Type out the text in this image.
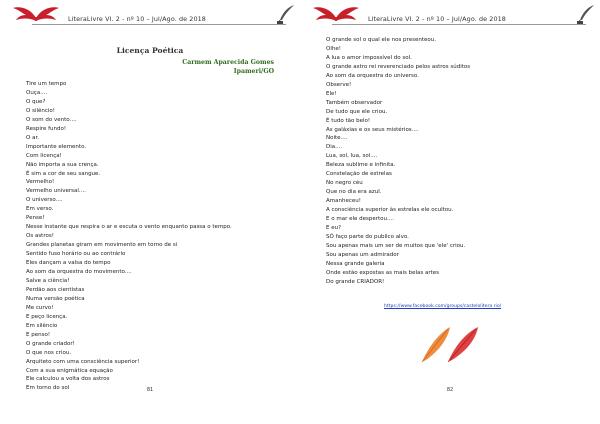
LiteraLivre VI. 2 - nº 10 – Jul/Ago. de 2018
Licença Poética
Carmem Aparecida Gomes
Ipameri/GO
Tire um tempo
Ouça....
O que?
O silêncio!
O som do vento....
Respire fundo!
O ar.
Importante elemento.
Com licença!
Não importa a sua crença.
É sim a cor de seu sangue.
Vermelho!
Vermelho universal....
O universo....
Em verso.
Pense!
Nesse instante que respira o ar e escuta o vento enquanto passa o tempo.
Os astros!
Grandes planetas giram em movimento em torno de si
Sentido fuso horário ou ao contrário
Eles dançam a valsa do tempo
Ao som da orquestra do movimento....
Salve a ciência!
Perdão aos cientistas
Numa versão poética
Me curvo!
E peço licença.
Em silêncio
E penso!
O grande criador!
O que nos criou.
Arquiteto com uma consciência superior!
Com a sua enigmática equação
Ele calculou a volta dos astros
Em torno do sol	81
LiteraLivre VI. 2 - nº 10 – Jul/Ago. de 2018
O grande sol o qual ele nos presenteou.
Olhe!
A lua o amor impossível do sol.
O grande astro rei reverenciado pelos astros súditos
Ao som da orquestra do universo.
Observe!
Ele!
Também observador
De tudo que ele criou.
É tudo tão belo!
As galáxias e os seus mistérios....
Noite....
Dia....
Lua, sol, lua, sol....
Beleza sublime e infinita.
Constelação de estrelas
No negro céu
Que no dia era azul.
Amanheceu!
A consciência superior às estrelas ele ocultou.
E o mar ele despertou....
E eu?
SÓ faço parte do publico alvo.
Sou apenas mais um ser de muitos que 'ele' criou.
Sou apenas um admirador
Nessa grande galeria
Onde estão expostas as mais belas artes
Do grande CRIADOR!
https://www.facebook.com/groups/castelolitera rio/
82
